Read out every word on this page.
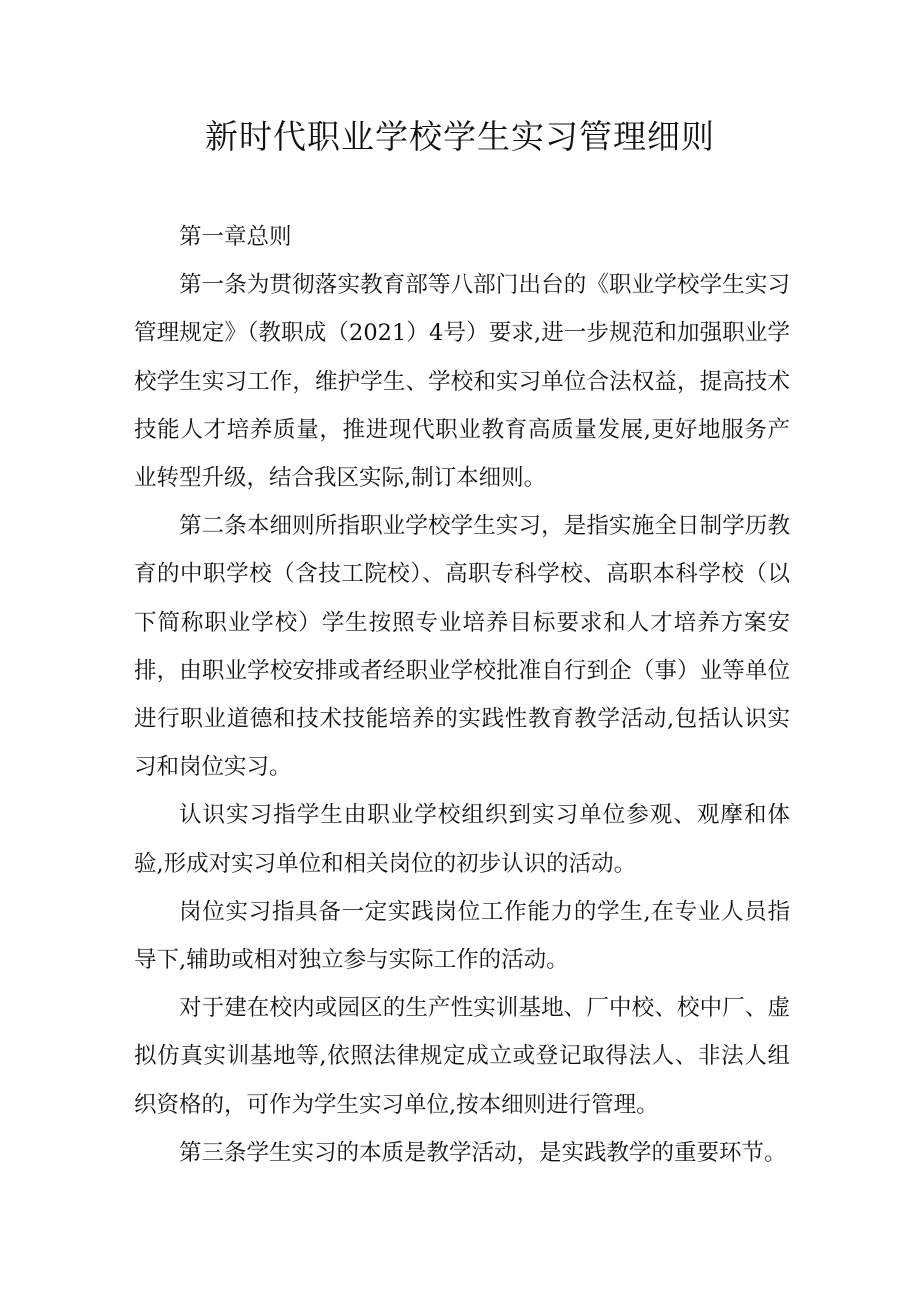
新时代职业学校学生实习管理细则

第一章总则

第一条为贯彻落实教育部等八部门出台的《职业学校学生实习管理规定》（教职成（2021）4号）要求,进一步规范和加强职业学校学生实习工作，维护学生、学校和实习单位合法权益，提高技术技能人才培养质量，推进现代职业教育高质量发展,更好地服务产业转型升级，结合我区实际,制订本细则。

第二条本细则所指职业学校学生实习，是指实施全日制学历教育的中职学校（含技工院校）、高职专科学校、高职本科学校（以下简称职业学校）学生按照专业培养目标要求和人才培养方案安排，由职业学校安排或者经职业学校批准自行到企（事）业等单位进行职业道德和技术技能培养的实践性教育教学活动,包括认识实习和岗位实习。

认识实习指学生由职业学校组织到实习单位参观、观摩和体验,形成对实习单位和相关岗位的初步认识的活动。

岗位实习指具备一定实践岗位工作能力的学生,在专业人员指导下,辅助或相对独立参与实际工作的活动。

对于建在校内或园区的生产性实训基地、厂中校、校中厂、虚拟仿真实训基地等,依照法律规定成立或登记取得法人、非法人组织资格的，可作为学生实习单位,按本细则进行管理。

第三条学生实习的本质是教学活动，是实践教学的重要环节。
